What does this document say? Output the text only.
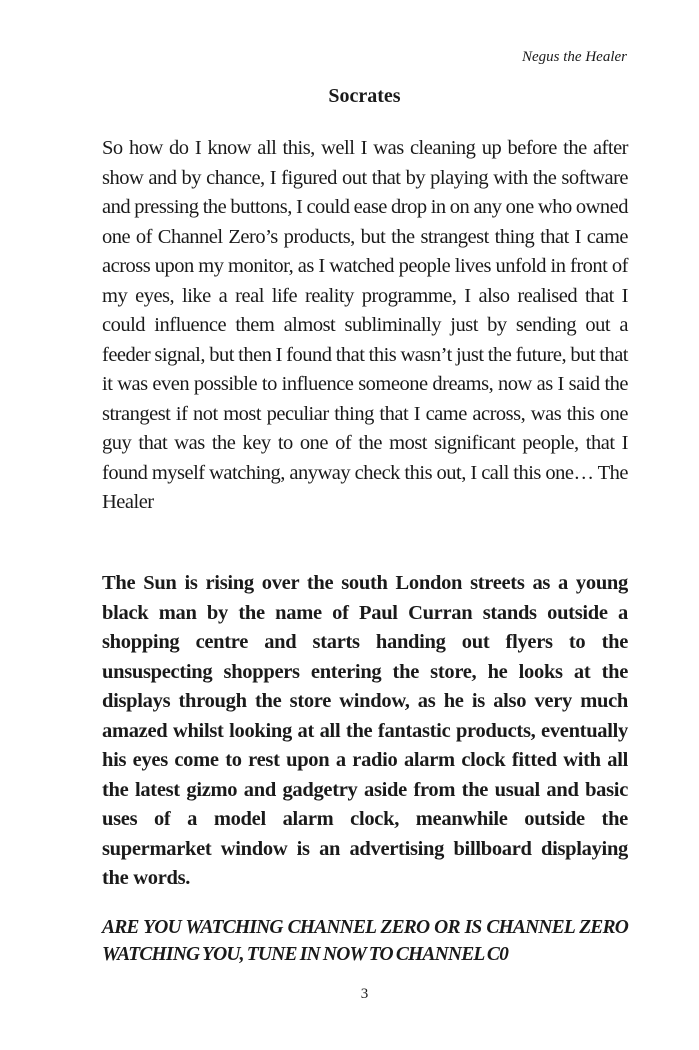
Negus the Healer
Socrates

So how do I know all this, well I was cleaning up before the after show and by chance, I figured out that by playing with the software and pressing the buttons, I could ease drop in on any one who owned one of Channel Zero’s products, but the strangest thing that I came across upon my monitor, as I watched people lives unfold in front of my eyes, like a real life reality programme, I also realised that I could influence them almost subliminally just by sending out a feeder signal, but then I found that this wasn’t just the future, but that it was even possible to influence someone dreams, now as I said the strangest if not most peculiar thing that I came across, was this one guy that was the key to one of the most significant people, that I found myself watching, anyway check this out, I call this one… The Healer

The Sun is rising over the south London streets as a young black man by the name of Paul Curran stands outside a shopping centre and starts handing out flyers to the unsuspecting shoppers entering the store, he looks at the displays through the store window, as he is also very much amazed whilst looking at all the fantastic products, eventually his eyes come to rest upon a radio alarm clock fitted with all the latest gizmo and gadgetry aside from the usual and basic uses of a model alarm clock, meanwhile outside the supermarket window is an advertising billboard displaying the words.

ARE YOU WATCHING CHANNEL ZERO OR IS CHANNEL ZERO WATCHING YOU, TUNE IN NOW TO CHANNEL C0

3
